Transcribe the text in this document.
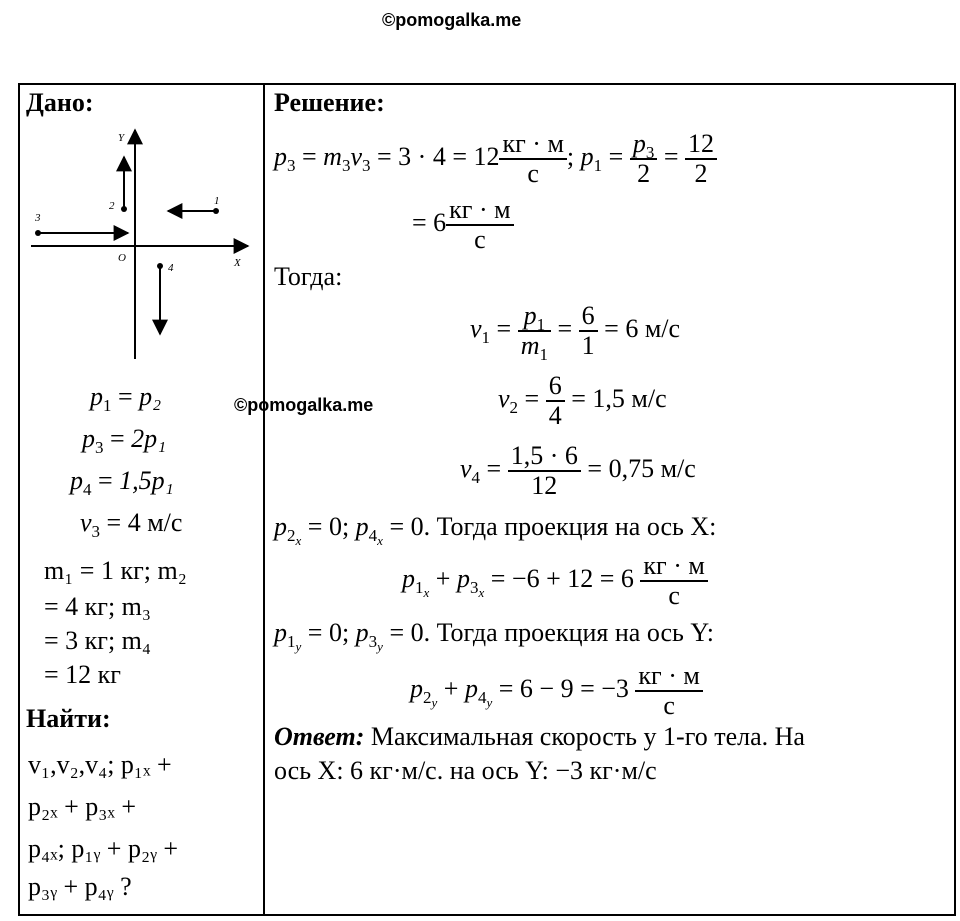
©pomogalka.me
Дано:
X
Y
O
1
2
3
4
$p_1 = p_2$
$p_3 = 2p_1$
$p_4 = 1,5p_1$
$v_3 = 4$ м/с
m₁ = 1 кг; m₂
= 4 кг; m₃
= 3 кг; m₄
= 12 кг
Найти:
v₁,v₂,v₄; p₁ₓ +
p₂ₓ + p₃ₓ +
p₄ₓ; p₁ᵧ + p₂ᵧ +
p₃ᵧ + p₄ᵧ ?
©pomogalka.me
Решение:
$p_3 = m_3v_3 = 3 \cdot 4 = 12 \frac{кг \cdot м}{с}$ ; $p_1 = \frac{p_3}{2} = \frac{12}{2}$
= $6 \frac{кг \cdot м}{с}$
Тогда:
$v_1 = \frac{p_1}{m_1} = \frac{6}{1} = 6$ м/с
$v_2 = \frac{6}{4} = 1,5$ м/с
$v_4 = \frac{1,5 \cdot 6}{12} = 0,75$ м/с
$p_{2_x} = 0$; $p_{4_x} = 0$. Тогда проекция на ось X:
$p_{1_x} + p_{3_x} = -6 + 12 = 6 \frac{кг \cdot м}{с}$
$p_{1_y} = 0$; $p_{3_y} = 0$. Тогда проекция на ось Y:
$p_{2_y} + p_{4_y} = 6 - 9 = -3 \frac{кг \cdot м}{с}$
Ответ: Максимальная скорость у 1-го тела. На
ось X: 6 кг·м/с. на ось Y: −3 кг·м/с
